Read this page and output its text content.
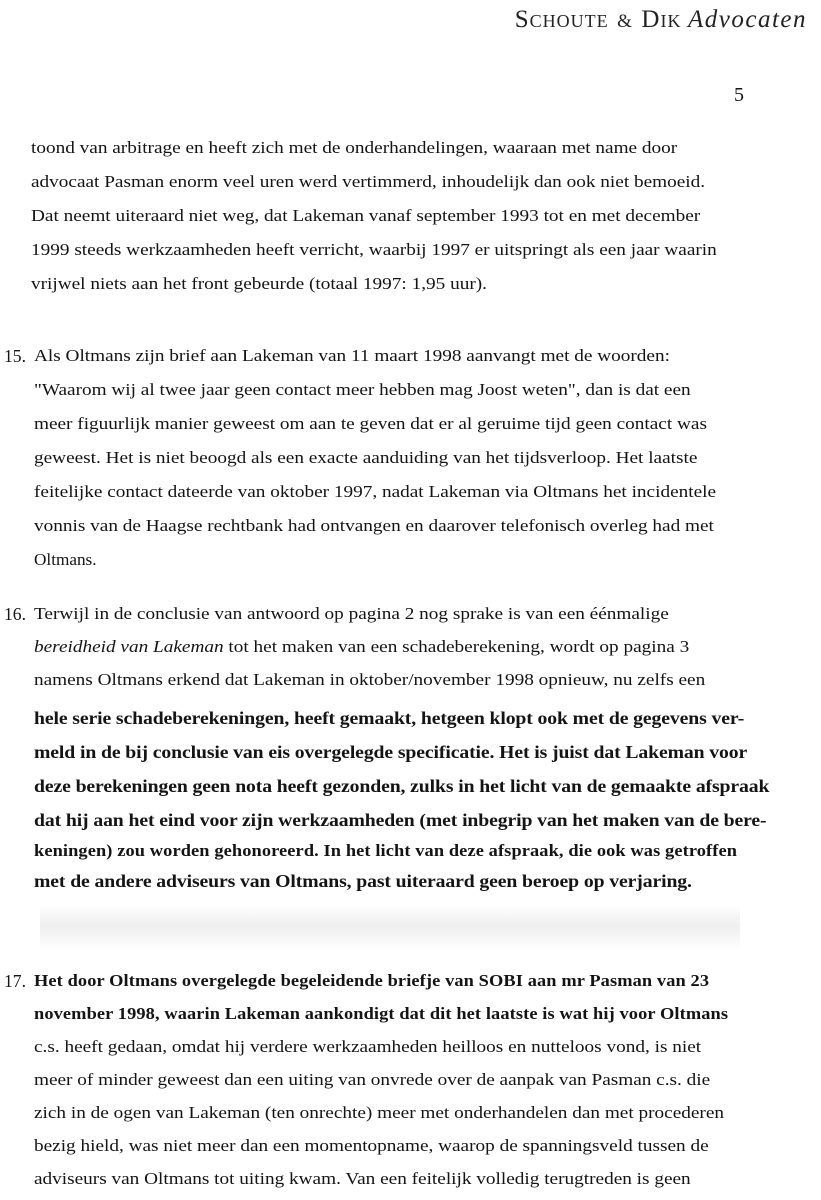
Schoute & Dik Advocaten
5
toond van arbitrage en heeft zich met de onderhandelingen, waaraan met name door
advocaat Pasman enorm veel uren werd vertimmerd, inhoudelijk dan ook niet bemoeid.
Dat neemt uiteraard niet weg, dat Lakeman vanaf september 1993 tot en met december
1999 steeds werkzaamheden heeft verricht, waarbij 1997 er uitspringt als een jaar waarin
vrijwel niets aan het front gebeurde (totaal 1997: 1,95 uur).
15. Als Oltmans zijn brief aan Lakeman van 11 maart 1998 aanvangt met de woorden:
"Waarom wij al twee jaar geen contact meer hebben mag Joost weten", dan is dat een
meer figuurlijk manier geweest om aan te geven dat er al geruime tijd geen contact was
geweest. Het is niet beoogd als een exacte aanduiding van het tijdsverloop. Het laatste
feitelijke contact dateerde van oktober 1997, nadat Lakeman via Oltmans het incidentele
vonnis van de Haagse rechtbank had ontvangen en daarover telefonisch overleg had met
Oltmans.
16. Terwijl in de conclusie van antwoord op pagina 2 nog sprake is van een éénmalige
bereidheid van Lakeman tot het maken van een schadeberekening, wordt op pagina 3
namens Oltmans erkend dat Lakeman in oktober/november 1998 opnieuw, nu zelfs een
hele serie schadeberekeningen, heeft gemaakt, hetgeen klopt ook met de gegevens ver-
meld in de bij conclusie van eis overgelegde specificatie. Het is juist dat Lakeman voor
deze berekeningen geen nota heeft gezonden, zulks in het licht van de gemaakte afspraak
dat hij aan het eind voor zijn werkzaamheden (met inbegrip van het maken van de bere-
keningen) zou worden gehonoreerd. In het licht van deze afspraak, die ook was getroffen
met de andere adviseurs van Oltmans, past uiteraard geen beroep op verjaring.
17. Het door Oltmans overgelegde begeleidende briefje van SOBI aan mr Pasman van 23
november 1998, waarin Lakeman aankondigt dat dit het laatste is wat hij voor Oltmans
c.s. heeft gedaan, omdat hij verdere werkzaamheden heilloos en nutteloos vond, is niet
meer of minder geweest dan een uiting van onvrede over de aanpak van Pasman c.s. die
zich in de ogen van Lakeman (ten onrechte) meer met onderhandelen dan met procederen
bezig hield, was niet meer dan een momentopname, waarop de spanningsveld tussen de
adviseurs van Oltmans tot uiting kwam. Van een feitelijk volledig terugtreden is geen
